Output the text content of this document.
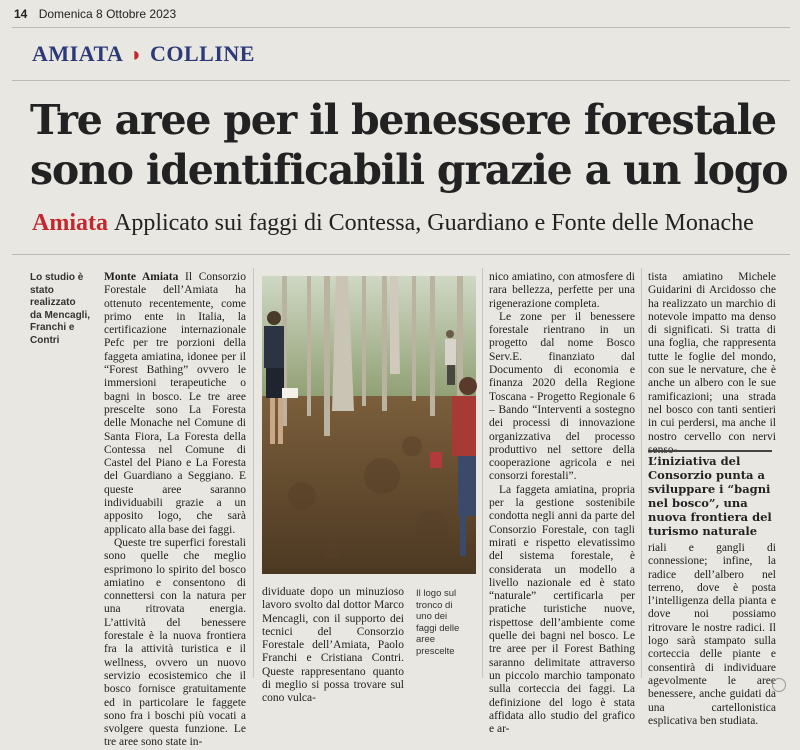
14 Domenica 8 Ottobre 2023
AMIATA ◗ COLLINE
Tre aree per il benessere forestale sono identificabili grazie a un logo
Amiata Applicato sui faggi di Contessa, Guardiano e Fonte delle Monache
Lo studio è stato realizzato da Mencagli, Franchi e Contri

Monte Amiata Il Consorzio Forestale dell’Amiata ha ottenuto recentemente, come primo ente in Italia, la certificazione internazionale Pefc per tre porzioni della faggeta amiatina, idonee per il “Forest Bathing” ovvero le immersioni terapeutiche o bagni in bosco. Le tre aree prescelte sono La Foresta delle Monache nel Comune di Santa Fiora, La Foresta della Contessa nel Comune di Castel del Piano e La Foresta del Guardiano a Seggiano. E queste aree saranno individuabili grazie a un apposito logo, che sarà applicato alla base dei faggi.

Queste tre superfici forestali sono quelle che meglio esprimono lo spirito del bosco amiatino e consentono di connettersi con la natura per una ritrovata energia. L’attività del benessere forestale è la nuova frontiera fra la attività turistica e il wellness, ovvero un nuovo servizio ecosistemico che il bosco fornisce gratuitamente ed in particolare le faggete sono fra i boschi più vocati a svolgere questa funzione. Le tre aree sono state in-

dividuate dopo un minuzioso lavoro svolto dal dottor Marco Mencagli, con il supporto dei tecnici del Consorzio Forestale dell’Amiata, Paolo Franchi e Cristiana Contri. Queste rappresentano quanto di meglio si possa trovare sul cono vulca-

Il logo sul tronco di uno dei faggi delle aree prescelte

nico amiatino, con atmosfere di rara bellezza, perfette per una rigenerazione completa.

Le zone per il benessere forestale rientrano in un progetto dal nome Bosco Serv.E. finanziato dal Documento di economia e finanza 2020 della Regione Toscana - Progetto Regionale 6 – Bando “Interventi a sostegno dei processi di innovazione organizzativa del processo produttivo nel settore della cooperazione agricola e nei consorzi forestali”.

La faggeta amiatina, propria per la gestione sostenibile condotta negli anni da parte del Consorzio Forestale, con tagli mirati e rispetto elevatissimo del sistema forestale, è considerata un modello a livello nazionale ed è stato “naturale” certificarla per pratiche turistiche nuove, rispettose dell’ambiente come quelle dei bagni nel bosco. Le tre aree per il Forest Bathing saranno delimitate attraverso un piccolo marchio tamponato sulla corteccia dei faggi. La definizione del logo è stata affidata allo studio del grafico e ar-

tista amiatino Michele Guidarini di Arcidosso che ha realizzato un marchio di notevole impatto ma denso di significati. Si tratta di una foglia, che rappresenta tutte le foglie del mondo, con sue le nervature, che è anche un albero con le sue ramificazioni; una strada nel bosco con tanti sentieri in cui perdersi, ma anche il nostro cervello con nervi senso-

L’iniziativa del Consorzio punta a sviluppare i “bagni nel bosco”, una nuova frontiera del turismo naturale

riali e gangli di connessione; infine, la radice dell’albero nel terreno, dove è posta l’intelligenza della pianta e dove noi possiamo ritrovare le nostre radici. Il logo sarà stampato sulla corteccia delle piante e consentirà di individuare agevolmente le aree benessere, anche guidati da una cartellonistica esplicativa ben studiata.
